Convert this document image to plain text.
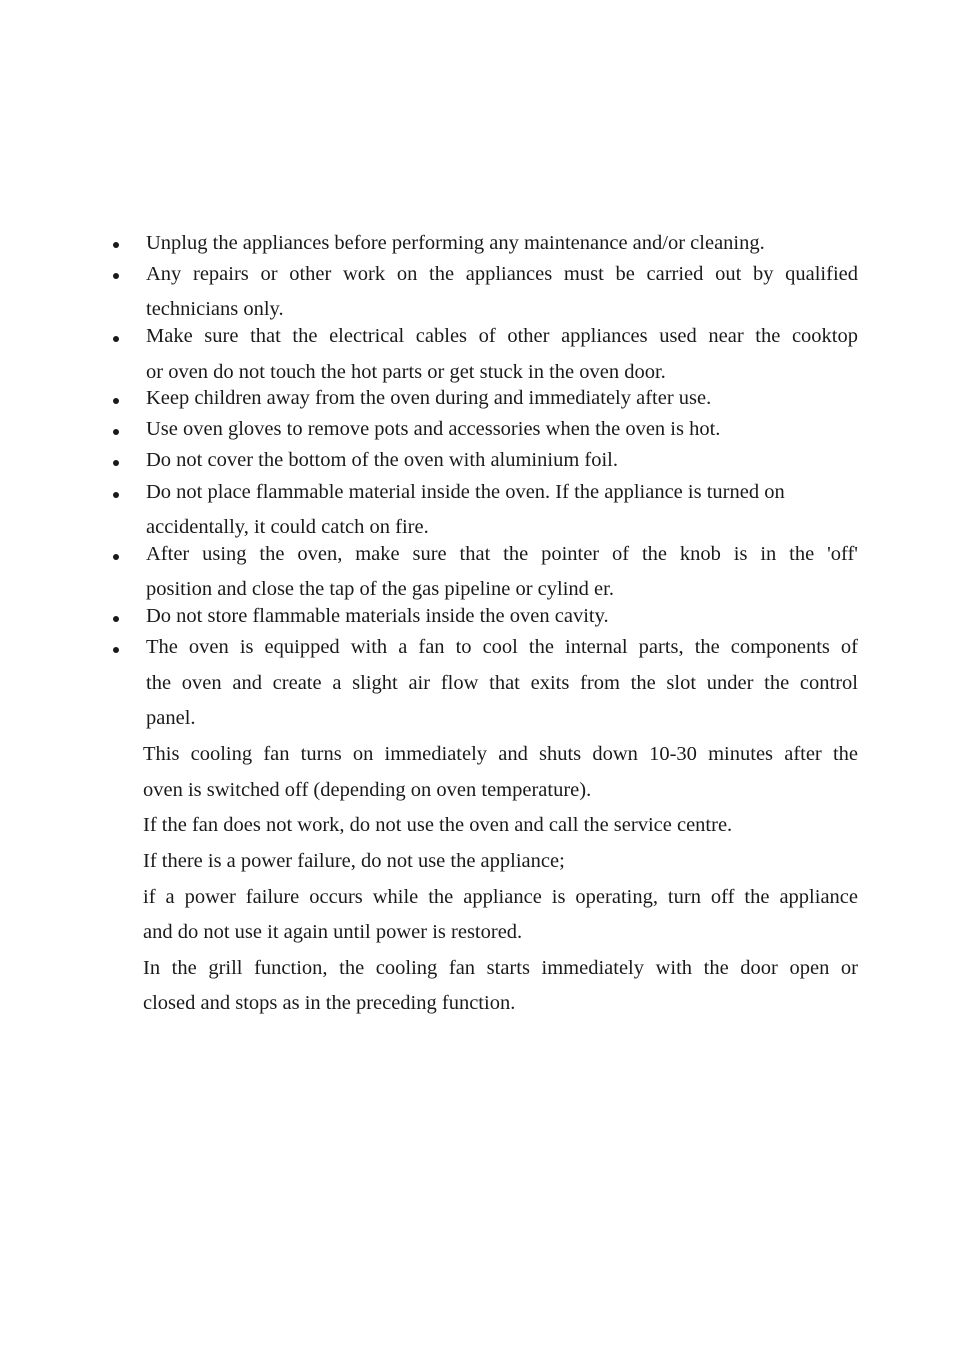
Unplug the appliances before performing any maintenance and/or cleaning.
Any repairs or other work on the appliances must be carried out by qualified
technicians only.
Make sure that the electrical cables of other appliances used near the cooktop
or oven do not touch the hot parts or get stuck in the oven door.
Keep children away from the oven during and immediately after use.
Use oven gloves to remove pots and accessories when the oven is hot.
Do not cover the bottom of the oven with aluminium foil.
Do not place flammable material inside the oven. If the appliance is turned on
accidentally, it could catch on fire.
After using the oven, make sure that the pointer of the knob is in the 'off'
position and close the tap of the gas pipeline or cylind er.
Do not store flammable materials inside the oven cavity.
The oven is equipped with a fan to cool the internal parts, the components of
the oven and create a slight air flow that exits from the slot under the control
panel.
This cooling fan turns on immediately and shuts down 10-30 minutes after the
oven is switched off (depending on oven temperature).
If the fan does not work, do not use the oven and call the service centre.
If there is a power failure, do not use the appliance;
if a power failure occurs while the appliance is operating, turn off the appliance
and do not use it again until power is restored.
In the grill function, the cooling fan starts immediately with the door open or
closed and stops as in the preceding function.
